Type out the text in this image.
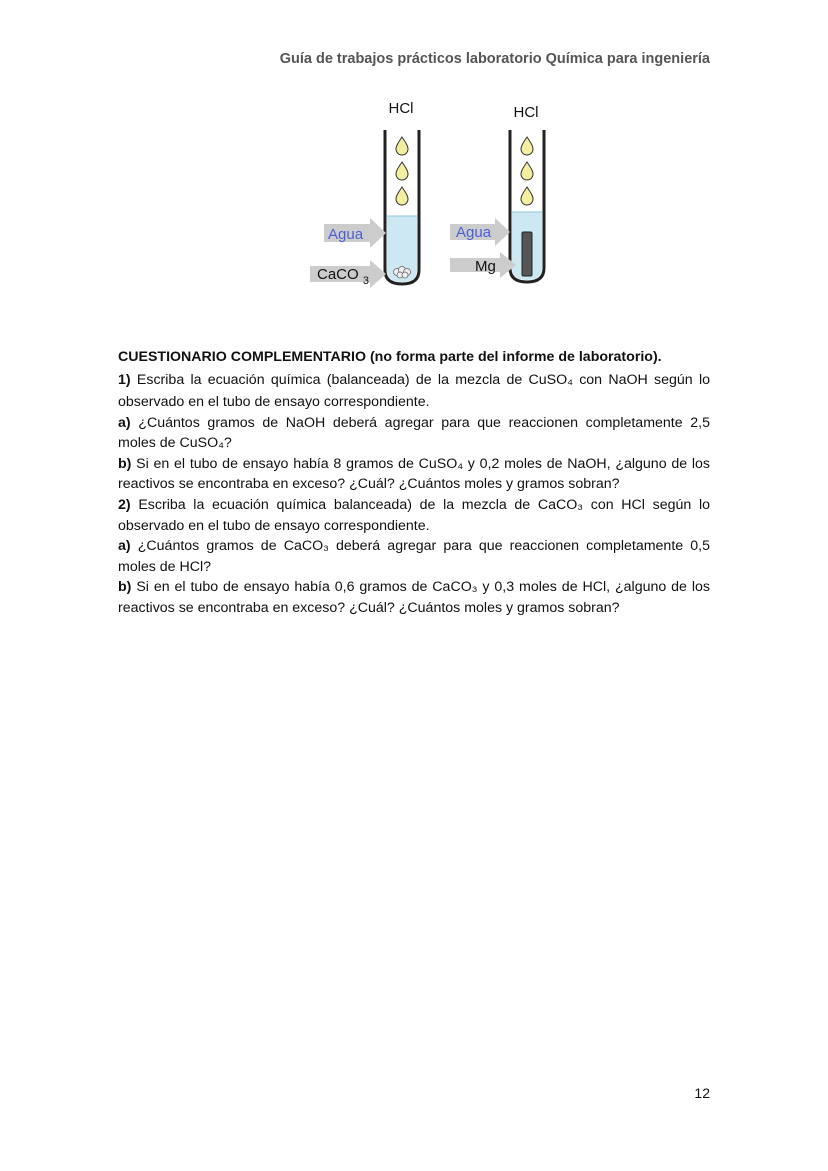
Guía de trabajos prácticos laboratorio Química para ingeniería
HCl
Agua
CaCO $_3$
HCl
Agua
Mg

CUESTIONARIO COMPLEMENTARIO (no forma parte del informe de laboratorio).

1) Escriba la ecuación química (balanceada) de la mezcla de CuSO₄ con NaOH según lo observado en el tubo de ensayo correspondiente.

a) ¿Cuántos gramos de NaOH deberá agregar para que reaccionen completamente 2,5 moles de CuSO₄?

b) Si en el tubo de ensayo había 8 gramos de CuSO₄ y 0,2 moles de NaOH, ¿alguno de los reactivos se encontraba en exceso? ¿Cuál? ¿Cuántos moles y gramos sobran?

2) Escriba la ecuación química balanceada) de la mezcla de CaCO₃ con HCl según lo observado en el tubo de ensayo correspondiente.

a) ¿Cuántos gramos de CaCO₃ deberá agregar para que reaccionen completamente 0,5 moles de HCl?

b) Si en el tubo de ensayo había 0,6 gramos de CaCO₃ y 0,3 moles de HCl, ¿alguno de los reactivos se encontraba en exceso? ¿Cuál? ¿Cuántos moles y gramos sobran?

12
